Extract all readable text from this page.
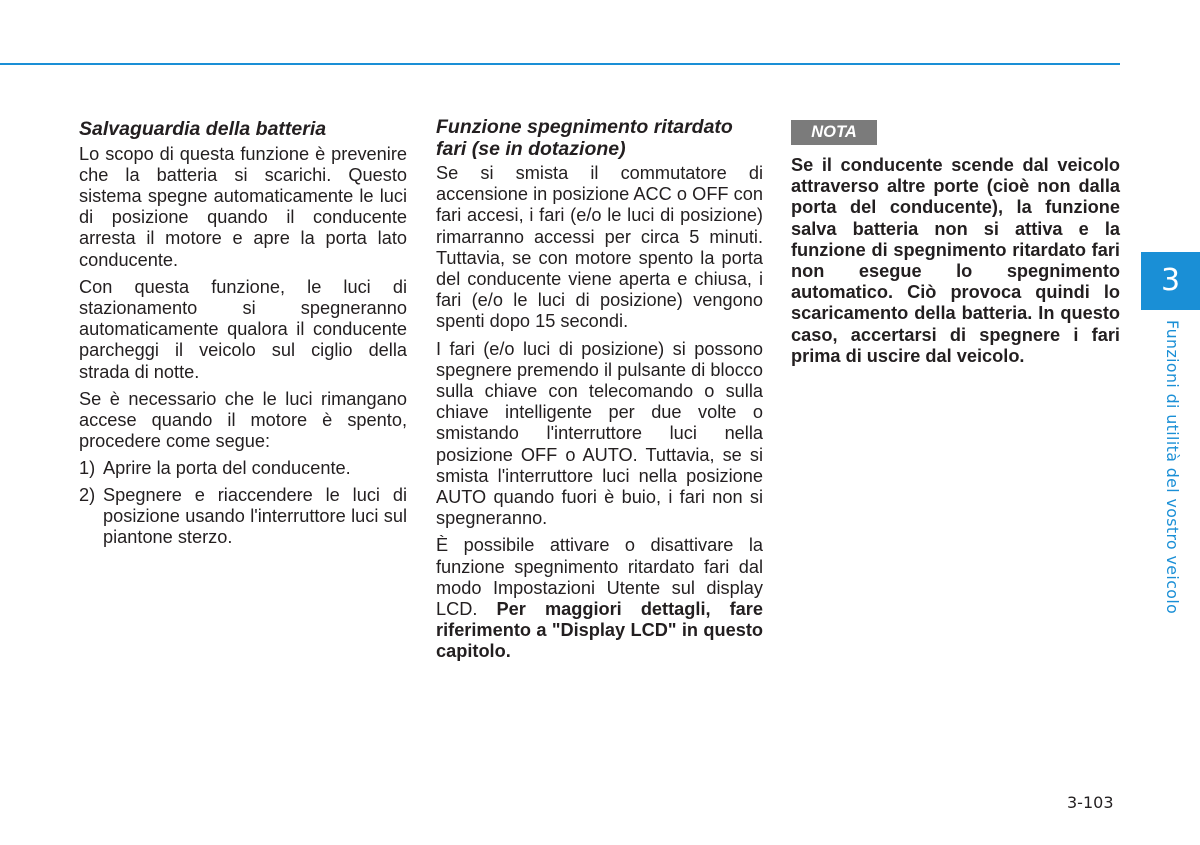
Salvaguardia della batteria

Lo scopo di questa funzione è prevenire che la batteria si scarichi. Questo sistema spegne automaticamente le luci di posizione quando il conducente arresta il motore e apre la porta lato conducente.

Con questa funzione, le luci di stazionamento si spegneranno automaticamente qualora il conducente parcheggi il veicolo sul ciglio della strada di notte.

Se è necessario che le luci rimangano accese quando il motore è spento, procedere come segue:

1) Aprire la porta del conducente.
2) Spegnere e riaccendere le luci di posizione usando l'interruttore luci sul piantone sterzo.
Funzione spegnimento ritardato fari (se in dotazione)

Se si smista il commutatore di accensione in posizione ACC o OFF con fari accesi, i fari (e/o le luci di posizione) rimarranno accessi per circa 5 minuti. Tuttavia, se con motore spento la porta del conducente viene aperta e chiusa, i fari (e/o le luci di posizione) vengono spenti dopo 15 secondi.

I fari (e/o luci di posizione) si possono spegnere premendo il pulsante di blocco sulla chiave con telecomando o sulla chiave intelligente per due volte o smistando l'interruttore luci nella posizione OFF o AUTO. Tuttavia, se si smista l'interruttore luci nella posizione AUTO quando fuori è buio, i fari non si spegneranno.

È possibile attivare o disattivare la funzione spegnimento ritardato fari dal modo Impostazioni Utente sul display LCD. Per maggiori dettagli, fare riferimento a "Display LCD" in questo capitolo.

NOTA

Se il conducente scende dal veicolo attraverso altre porte (cioè non dalla porta del conducente), la funzione salva batteria non si attiva e la funzione di spegnimento ritardato fari non esegue lo spegnimento automatico. Ciò provoca quindi lo scaricamento della batteria. In questo caso, accertarsi di spegnere i fari prima di uscire dal veicolo.

3
Funzioni di utilità del vostro veicolo
3-103
